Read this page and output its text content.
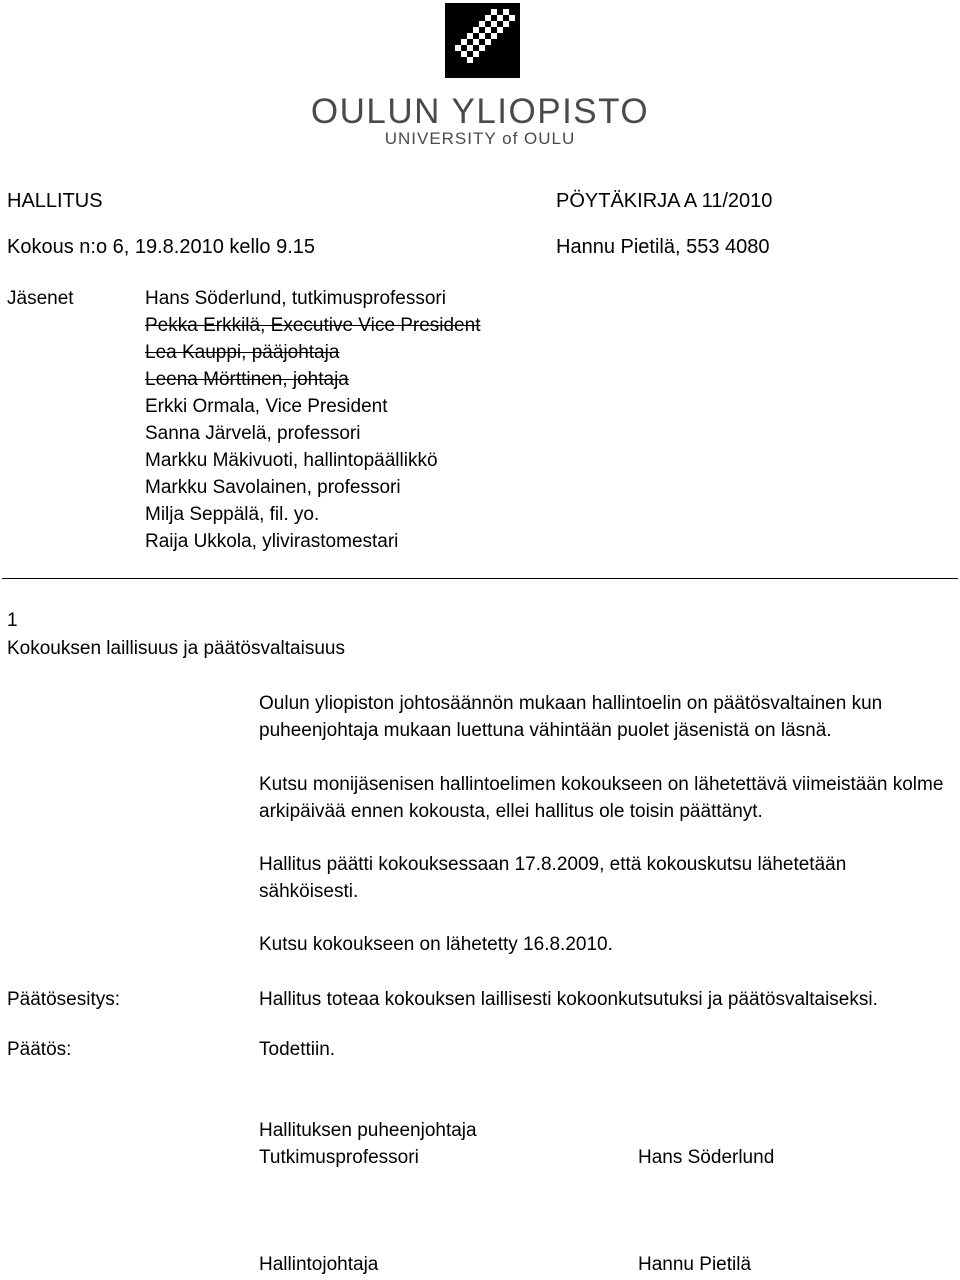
OULUN YLIOPISTO
UNIVERSITY of OULU
HALLITUS	PÖYTÄKIRJA A 11/2010
Kokous n:o 6, 19.8.2010 kello 9.15	Hannu Pietilä, 553 4080
Jäsenet	Hans Söderlund, tutkimusprofessori
Pekka Erkkilä, Executive Vice President
Lea Kauppi, pääjohtaja
Leena Mörttinen, johtaja
Erkki Ormala, Vice President
Sanna Järvelä, professori
Markku Mäkivuoti, hallintopäällikkö
Markku Savolainen, professori
Milja Seppälä, fil. yo.
Raija Ukkola, ylivirastomestari
1
Kokouksen laillisuus ja päätösvaltaisuus
Oulun yliopiston johtosäännön mukaan hallintoelin on päätösvaltainen kun puheenjohtaja mukaan luettuna vähintään puolet jäsenistä on läsnä.
Kutsu monijäsenisen hallintoelimen kokoukseen on lähetettävä viimeistään kolme arkipäivää ennen kokousta, ellei hallitus ole toisin päättänyt.
Hallitus päätti kokouksessaan 17.8.2009, että kokouskutsu lähetetään sähköisesti.
Kutsu kokoukseen on lähetetty 16.8.2010.
Päätösesitys:	Hallitus toteaa kokouksen laillisesti kokoonkutsutuksi ja päätösvaltaiseksi.
Päätös:	Todettiin.
Hallituksen puheenjohtaja
Tutkimusprofessori	Hans Söderlund
Hallintojohtaja	Hannu Pietilä
